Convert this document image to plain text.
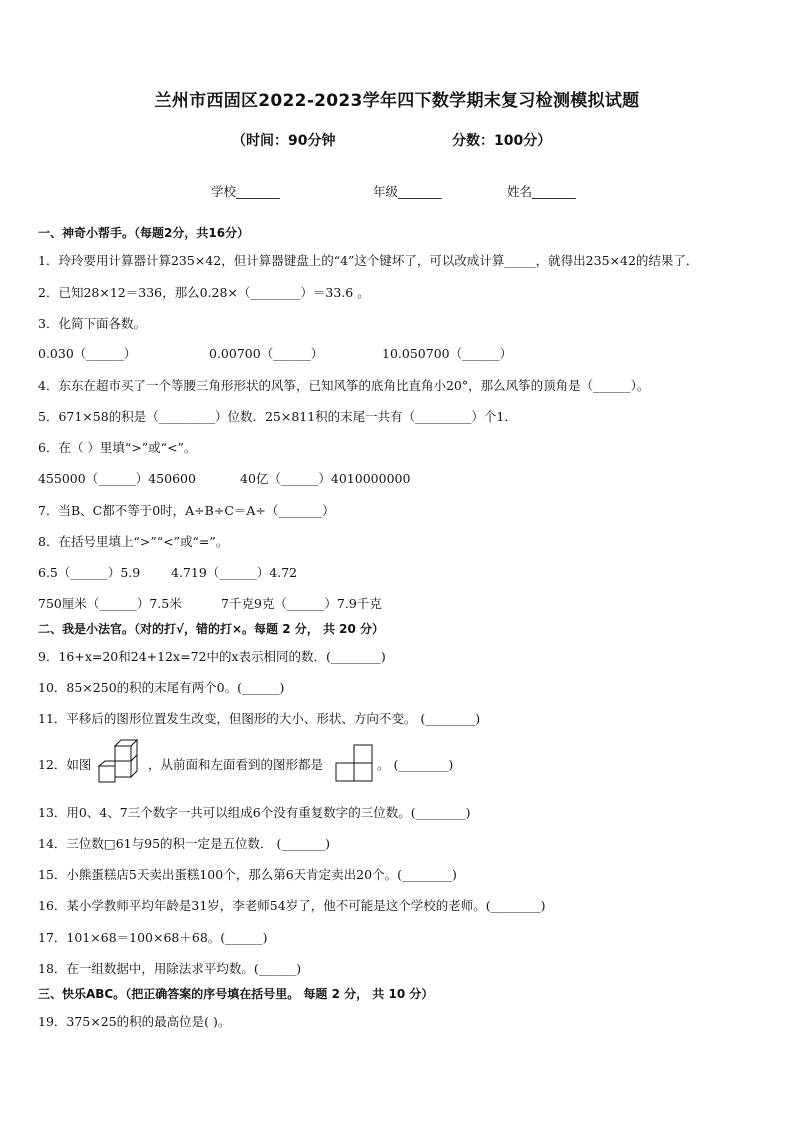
兰州市西固区2022-2023学年四下数学期末复习检测模拟试题
（时间：90分钟	分数：100分）
学校_______	年级_______	姓名_______
一、神奇小帮手。（每题2分，共16分）
1．玲玲要用计算器计算235×42，但计算器键盘上的“4”这个键坏了，可以改成计算_____，就得出235×42的结果了．
2．已知28×12＝336，那么0.28×（________）＝33.6 。
3．化简下面各数。
0.030（______）	0.00700（______）	10.050700（______）
4．东东在超市买了一个等腰三角形形状的风筝，已知风筝的底角比直角小20°，那么风筝的顶角是（______）。
5．671×58的积是（_________）位数．25×811积的末尾一共有（_________）个1．
6．在（ ）里填“>”或“<”。
455000（______）450600	40亿（______）4010000000
7．当B、C都不等于0时，A÷B÷C＝A÷（_______）
8．在括号里填上“>”“<”或“=”。
6.5（______）5.9 4.719（______）4.72
750厘米（______）7.5米	7千克9克（______）7.9千克
二、我是小法官。（对的打√，错的打×。每题 2 分， 共 20 分）
9．16+x=20和24+12x=72中的x表示相同的数．(________)
10．85×250的积的末尾有两个0。(______)
11．平移后的图形位置发生改变，但图形的大小、形状、方向不变。 (________)
12．如图	，从前面和左面看到的图形都是	。 (________)
13．用0、4、7三个数字一共可以组成6个没有重复数字的三位数。(________)
14．三位数□61与95的积一定是五位数． (_______)
15．小熊蛋糕店5天卖出蛋糕100个，那么第6天肯定卖出20个。(________)
16．某小学教师平均年龄是31岁，李老师54岁了，他不可能是这个学校的老师。(________)
17．101×68＝100×68＋68。(______)
18．在一组数据中，用除法求平均数。(______)
三、快乐ABC。（把正确答案的序号填在括号里。 每题 2 分， 共 10 分）
19．375×25的积的最高位是( )。
